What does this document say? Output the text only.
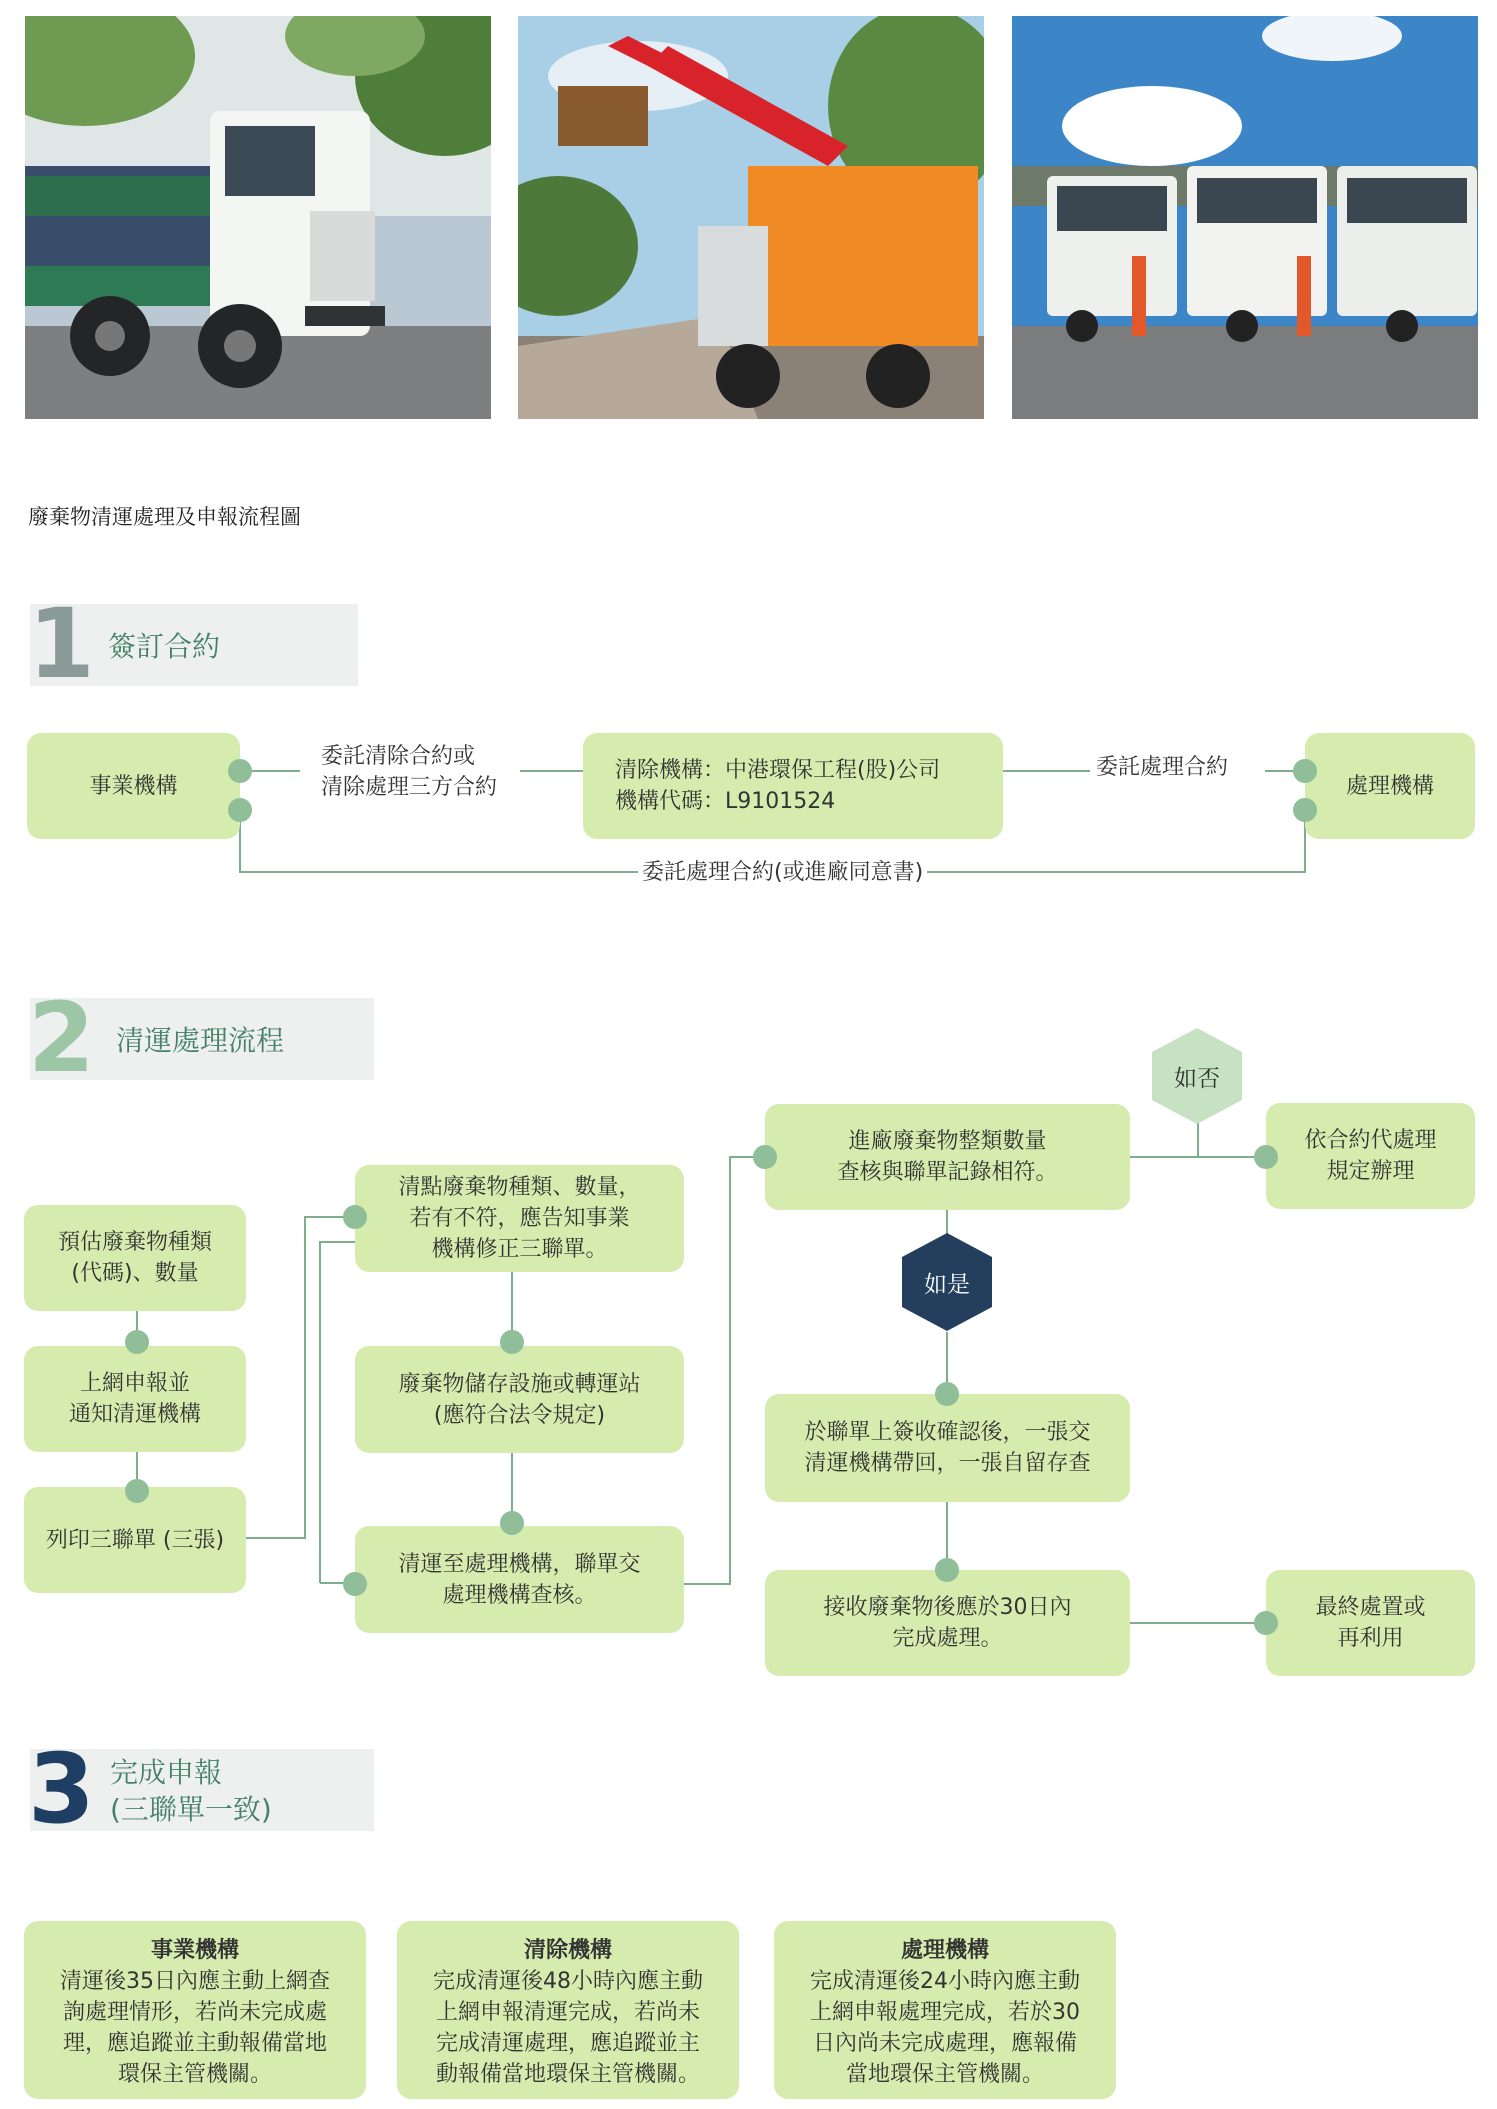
廢棄物清運處理及申報流程圖
1 簽訂合約
事業機構
清除機構：中港環保工程(股)公司
機構代碼：L9101524
處理機構
委託清除合約或
清除處理三方合約
委託處理合約
委託處理合約(或進廠同意書)
2 清運處理流程
預估廢棄物種類
(代碼)、數量
上網申報並
通知清運機構
列印三聯單 (三張)
清點廢棄物種類、數量，
若有不符，應告知事業
機構修正三聯單。
廢棄物儲存設施或轉運站
(應符合法令規定)
清運至處理機構，聯單交
處理機構查核。
進廠廢棄物整類數量
查核與聯單記錄相符。
於聯單上簽收確認後，一張交
清運機構帶回，一張自留存查
接收廢棄物後應於30日內
完成處理。
依合約代處理
規定辦理
最終處置或
再利用
如否
如是
3 完成申報
(三聯單一致)
事業機構
清運後35日內應主動上網查
詢處理情形，若尚未完成處
理，應追蹤並主動報備當地
環保主管機關。
清除機構
完成清運後48小時內應主動
上網申報清運完成，若尚未
完成清運處理，應追蹤並主
動報備當地環保主管機關。
處理機構
完成清運後24小時內應主動
上網申報處理完成，若於30
日內尚未完成處理，應報備
當地環保主管機關。
